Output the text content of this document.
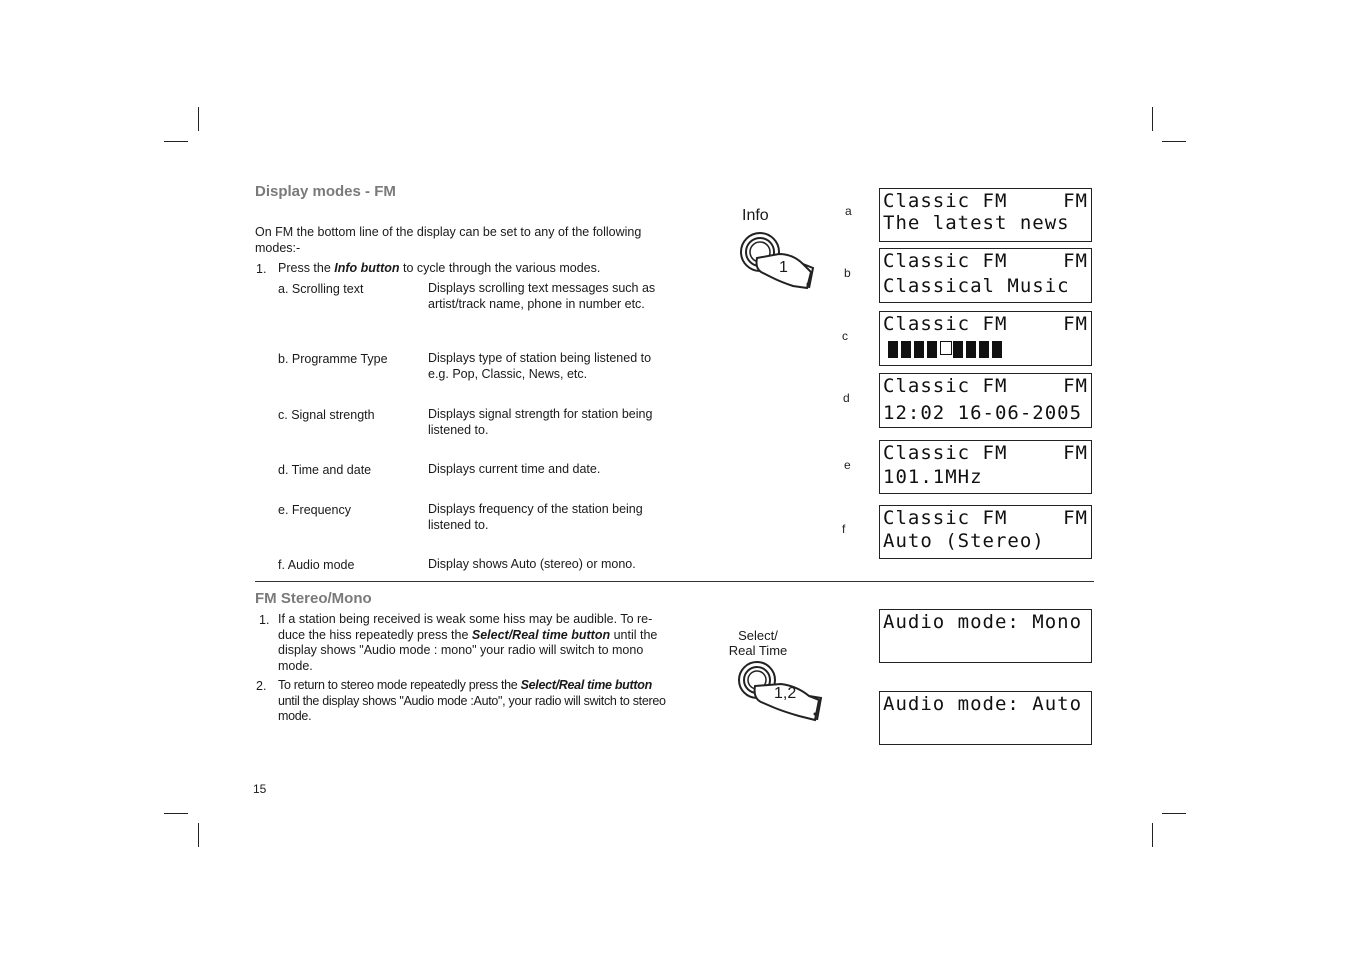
Display modes - FM
On FM the bottom line of the display can be set to any of the following
modes:-
1. Press the Info button to cycle through the various modes.
a. Scrolling text	Displays scrolling text messages such as artist/track name, phone in number etc.
b. Programme Type	Displays type of station being listened to e.g. Pop, Classic, News, etc.
c. Signal strength	Displays signal strength for station being listened to.
d. Time and date	Displays current time and date.
e. Frequency	Displays frequency of the station being listened to.
f. Audio mode	Display shows Auto (stereo) or mono.
Info
1
a
b
c
d
e
f
Classic FM	FM
The latest news
Classic FM	FM
Classical Music
Classic FM	FM
Classic FM	FM
12:02 16-06-2005
Classic FM	FM
101.1MHz
Classic FM	FM
Auto (Stereo)
FM Stereo/Mono
1. If a station being received is weak some hiss may be audible. To re-duce the hiss repeatedly press the Select/Real time button until the display shows "Audio mode : mono" your radio will switch to mono mode.
2. To return to stereo mode repeatedly press the Select/Real time button until the display shows "Audio mode :Auto", your radio will switch to stereo mode.
Select/
Real Time
1,2
Audio mode: Mono
Audio mode: Auto
15
